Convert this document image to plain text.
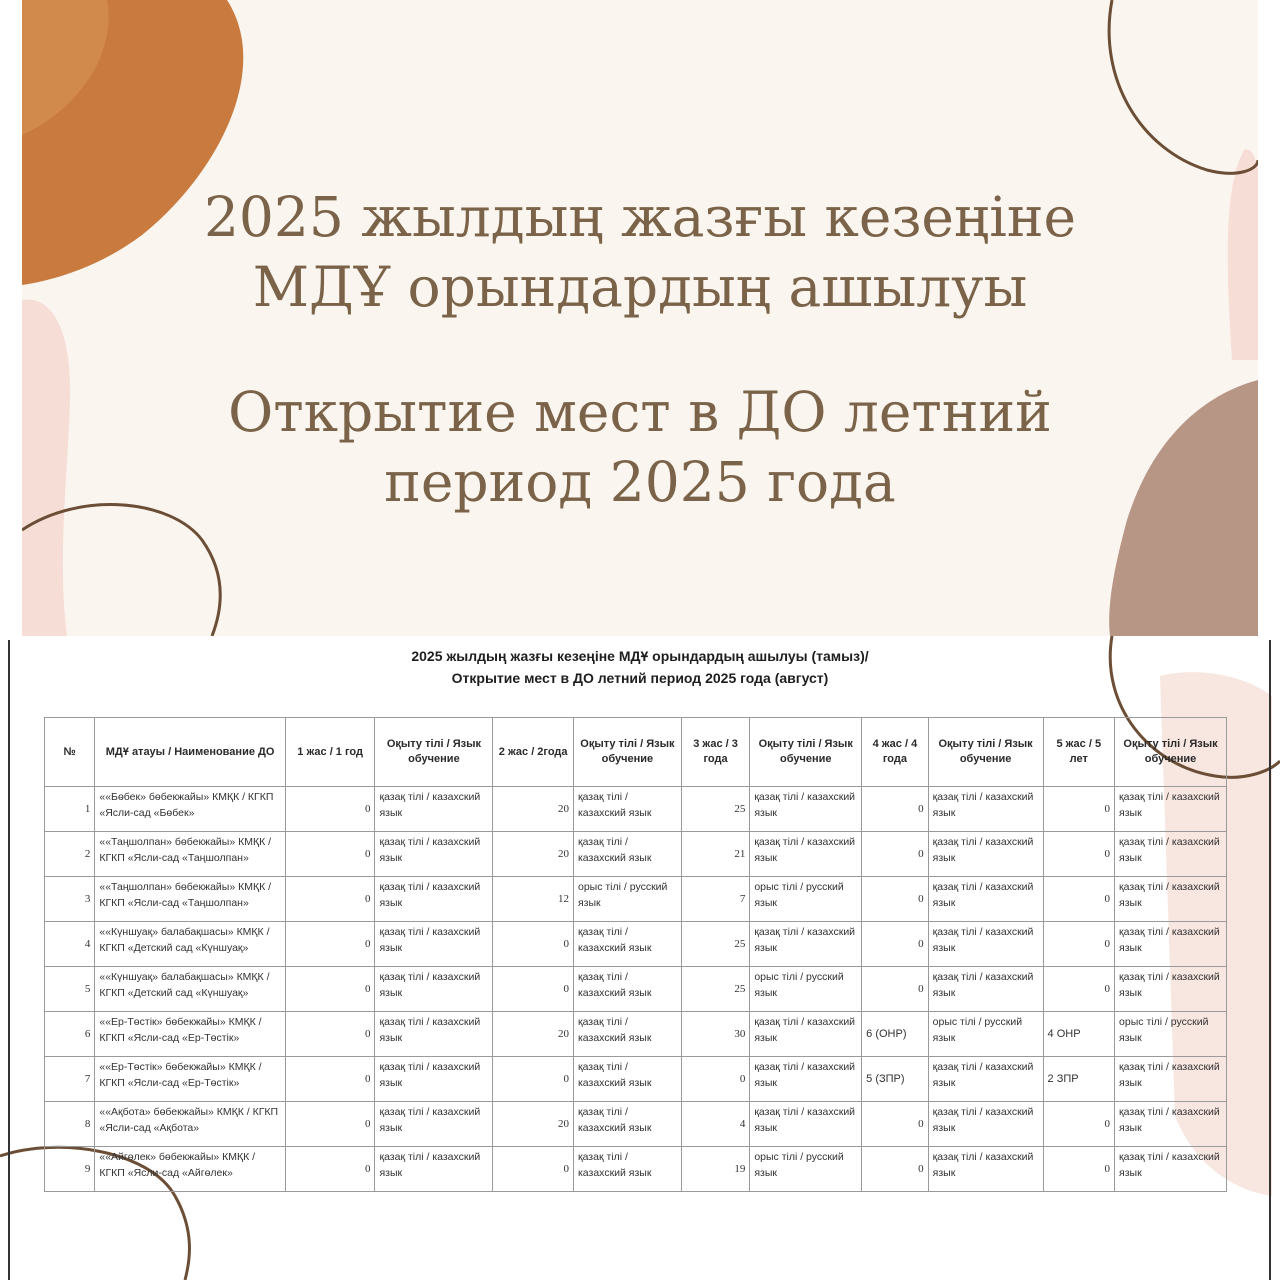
2025 жылдың жазғы кезеңіне
МДҰ орындардың ашылуы
Открытие мест в ДО летний
период 2025 года
2025 жылдың жазғы кезеңіне МДҰ орындардың ашылуы (тамыз)/
Открытие мест в ДО летний период 2025 года (август)
№	МДҰ атауы / Наименование ДО	1 жас / 1 год	Оқыту тілі / Язык обучение	2 жас / 2года	Оқыту тілі / Язык обучение	3 жас / 3 года	Оқыту тілі / Язык обучение	4 жас / 4 года	Оқыту тілі / Язык обучение	5 жас / 5 лет	Оқыту тілі / Язык обучение
1	««Бөбек» бөбекжайы» КМҚК / КГКП «Ясли-сад «Бөбек»	0	қазақ тілі / казахский язык	20	қазақ тілі / казахский язык	25	қазақ тілі / казахский язык	0	қазақ тілі / казахский язык	0	қазақ тілі / казахский язык
2	««Таңшолпан» бөбекжайы» КМҚК / КГКП «Ясли-сад «Таңшолпан»	0	қазақ тілі / казахский язык	20	қазақ тілі / казахский язык	21	қазақ тілі / казахский язык	0	қазақ тілі / казахский язык	0	қазақ тілі / казахский язык
3	««Таңшолпан» бөбекжайы» КМҚК / КГКП «Ясли-сад «Таңшолпан»	0	қазақ тілі / казахский язык	12	орыс тілі / русский язык	7	орыс тілі / русский язык	0	қазақ тілі / казахский язык	0	қазақ тілі / казахский язык
4	««Күншуақ» балабақшасы» КМҚК / КГКП «Детский сад «Күншуақ»	0	қазақ тілі / казахский язык	0	қазақ тілі / казахский язык	25	қазақ тілі / казахский язык	0	қазақ тілі / казахский язык	0	қазақ тілі / казахский язык
5	««Күншуақ» балабақшасы» КМҚК / КГКП «Детский сад «Күншуақ»	0	қазақ тілі / казахский язык	0	қазақ тілі / казахский язык	25	орыс тілі / русский язык	0	қазақ тілі / казахский язык	0	қазақ тілі / казахский язык
6	««Ер-Төстік» бөбекжайы» КМҚК / КГКП «Ясли-сад «Ер-Төстік»	0	қазақ тілі / казахский язык	20	қазақ тілі / казахский язык	30	қазақ тілі / казахский язык	6 (ОНР)	орыс тілі / русский язык	4 ОНР	орыс тілі / русский язык
7	««Ер-Төстік» бөбекжайы» КМҚК / КГКП «Ясли-сад «Ер-Төстік»	0	қазақ тілі / казахский язык	0	қазақ тілі / казахский язык	0	қазақ тілі / казахский язык	5 (ЗПР)	қазақ тілі / казахский язык	2 ЗПР	қазақ тілі / казахский язык
8	««Ақбота» бөбекжайы» КМҚК / КГКП «Ясли-сад «Ақбота»	0	қазақ тілі / казахский язык	20	қазақ тілі / казахский язык	4	қазақ тілі / казахский язык	0	қазақ тілі / казахский язык	0	қазақ тілі / казахский язык
9	««Айгөлек» бөбекжайы» КМҚК / КГКП «Ясли-сад «Айгөлек»	0	қазақ тілі / казахский язык	0	қазақ тілі / казахский язык	19	орыс тілі / русский язык	0	қазақ тілі / казахский язык	0	қазақ тілі / казахский язык
